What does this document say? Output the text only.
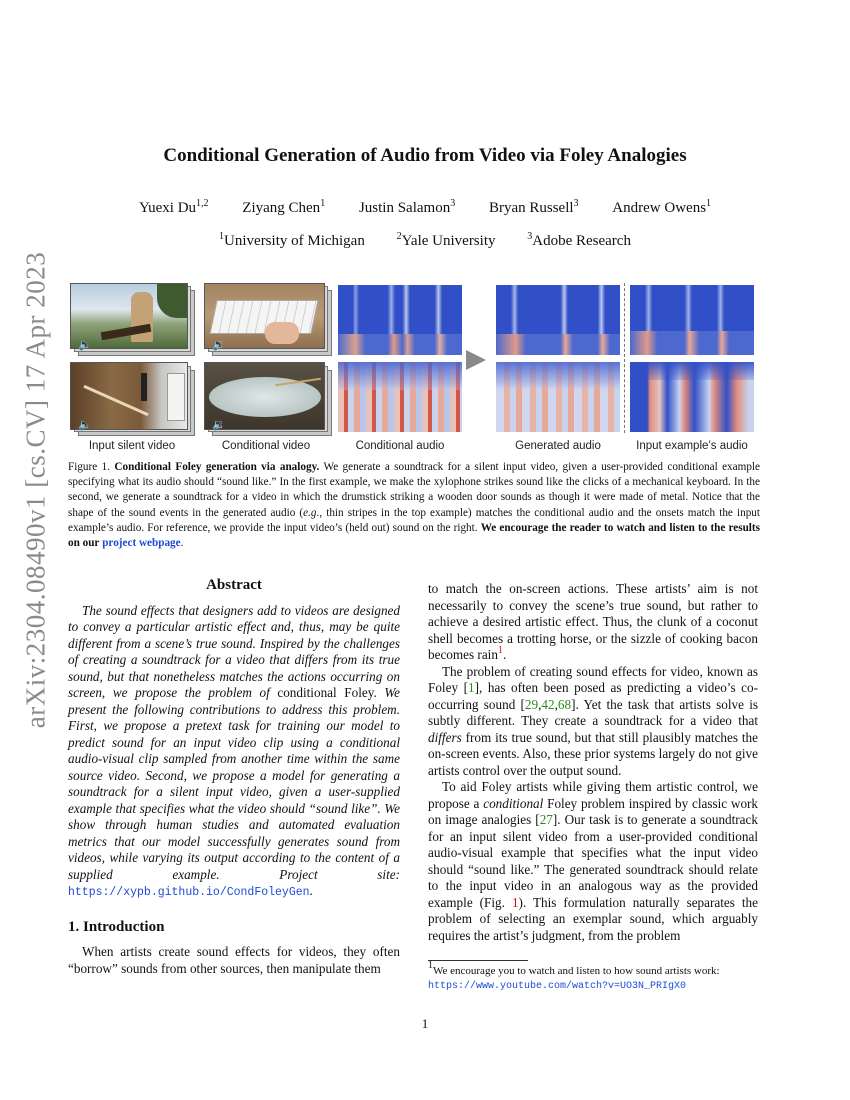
arXiv:2304.08490v1 [cs.CV] 17 Apr 2023
Conditional Generation of Audio from Video via Foley Analogies
Yuexi Du$^{1,2}$ Ziyang Chen$^1$ Justin Salamon$^3$ Bryan Russell$^3$ Andrew Owens$^1$
$^1$University of Michigan	$^2$Yale University	$^3$Adobe Research
🔈	🔉
🔈	🔉
Input silent video	Conditional video	Conditional audio	Generated audio	Input example’s audio
Figure 1. Conditional Foley generation via analogy. We generate a soundtrack for a silent input video, given a user-provided conditional example specifying what its audio should “sound like.” In the first example, we make the xylophone strikes sound like the clicks of a mechanical keyboard. In the second, we generate a soundtrack for a video in which the drumstick striking a wooden door sounds as though it were made of metal. Notice that the shape of the sound events in the generated audio (e.g., thin stripes in the top example) matches the conditional audio and the onsets match the input example’s audio. For reference, we provide the input video’s (held out) sound on the right. We encourage the reader to watch and listen to the results on our project webpage.
Abstract

The sound effects that designers add to videos are designed to convey a particular artistic effect and, thus, may be quite different from a scene’s true sound. Inspired by the challenges of creating a soundtrack for a video that differs from its true sound, but that nonetheless matches the actions occurring on screen, we propose the problem of conditional Foley. We present the following contributions to address this problem. First, we propose a pretext task for training our model to predict sound for an input video clip using a conditional audio-visual clip sampled from another time within the same source video. Second, we propose a model for generating a soundtrack for a silent input video, given a user-supplied example that specifies what the video should “sound like”. We show through human studies and automated evaluation metrics that our model successfully generates sound from videos, while varying its output according to the content of a supplied example. Project site: https://xypb.github.io/CondFoleyGen.

1. Introduction

When artists create sound effects for videos, they often “borrow” sounds from other sources, then manipulate them

to match the on-screen actions. These artists’ aim is not necessarily to convey the scene’s true sound, but rather to achieve a desired artistic effect. Thus, the clunk of a coconut shell becomes a trotting horse, or the sizzle of cooking bacon becomes rain$^1$.

The problem of creating sound effects for video, known as Foley [1], has often been posed as predicting a video’s co-occurring sound [29,42,68]. Yet the task that artists solve is subtly different. They create a soundtrack for a video that differs from its true sound, but that still plausibly matches the on-screen events. Also, these prior systems largely do not give artists control over the output sound.

To aid Foley artists while giving them artistic control, we propose a conditional Foley problem inspired by classic work on image analogies [27]. Our task is to generate a soundtrack for an input silent video from a user-provided conditional audio-visual example that specifies what the input video should “sound like.” The generated soundtrack should relate to the input video in an analogous way as the provided example (Fig. 1). This formulation naturally separates the problem of selecting an exemplar sound, which arguably requires the artist’s judgment, from the problem

$^1$We encourage you to watch and listen to how sound artists work:
https://www.youtube.com/watch?v=UO3N_PRIgX0
1
